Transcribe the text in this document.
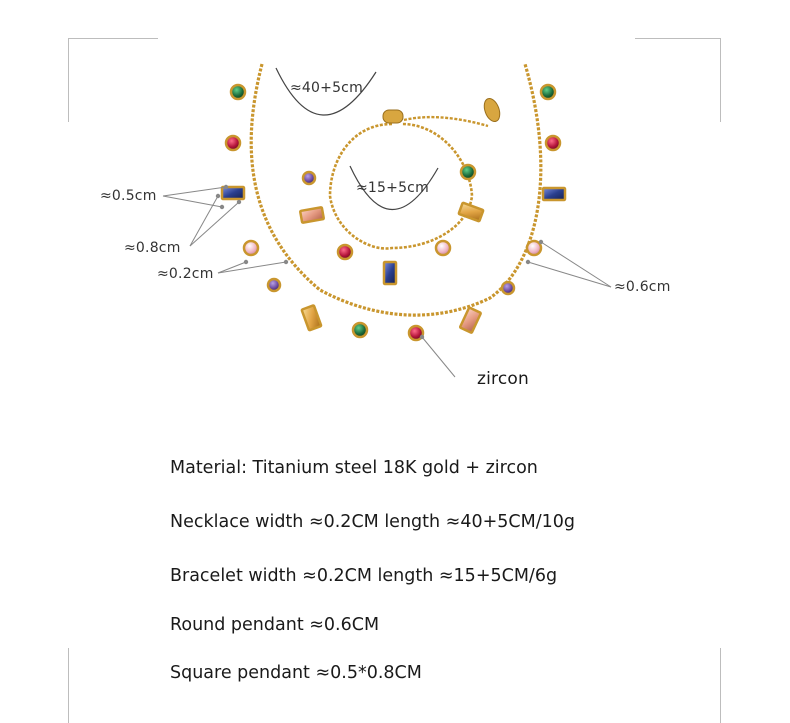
≈40+5cm
≈15+5cm
≈0.5cm
≈0.8cm
≈0.2cm
≈0.6cm
zircon
Material: Titanium steel 18K gold + zircon
Necklace width ≈0.2CM length ≈40+5CM/10g
Bracelet width ≈0.2CM length ≈15+5CM/6g
Round pendant ≈0.6CM
Square pendant ≈0.5*0.8CM
